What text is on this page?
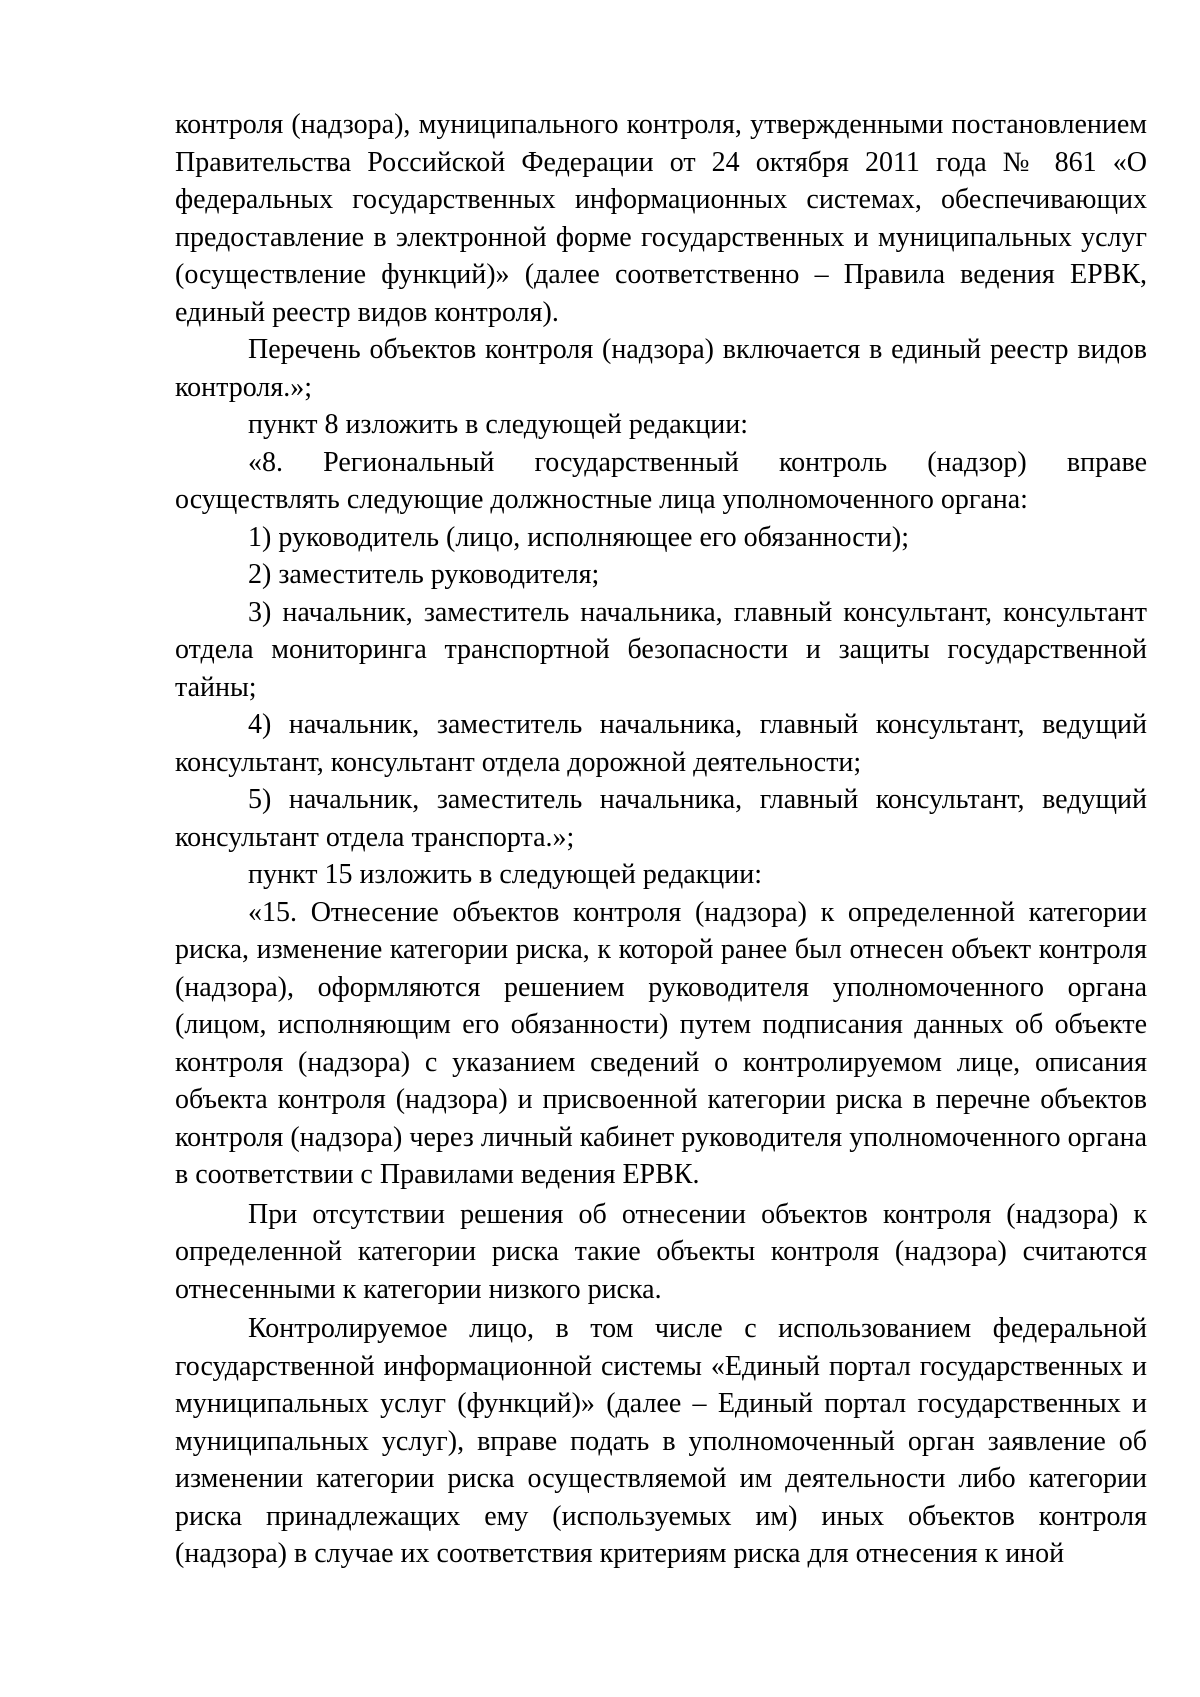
контроля (надзора), муниципального контроля, утвержденными постановлением Правительства Российской Федерации от 24 октября 2011 года № 861 «О федеральных государственных информационных системах, обеспечивающих предоставление в электронной форме государственных и муниципальных услуг (осуществление функций)» (далее соответственно – Правила ведения ЕРВК, единый реестр видов контроля).

Перечень объектов контроля (надзора) включается в единый реестр видов контроля.»;

пункт 8 изложить в следующей редакции:

«8. Региональный государственный контроль (надзор) вправе осуществлять следующие должностные лица уполномоченного органа:

1) руководитель (лицо, исполняющее его обязанности);

2) заместитель руководителя;

3) начальник, заместитель начальника, главный консультант, консультант отдела мониторинга транспортной безопасности и защиты государственной тайны;

4) начальник, заместитель начальника, главный консультант, ведущий консультант, консультант отдела дорожной деятельности;

5) начальник, заместитель начальника, главный консультант, ведущий консультант отдела транспорта.»;

пункт 15 изложить в следующей редакции:

«15. Отнесение объектов контроля (надзора) к определенной категории риска, изменение категории риска, к которой ранее был отнесен объект контроля (надзора), оформляются решением руководителя уполномоченного органа (лицом, исполняющим его обязанности) путем подписания данных об объекте контроля (надзора) с указанием сведений о контролируемом лице, описания объекта контроля (надзора) и присвоенной категории риска в перечне объектов контроля (надзора) через личный кабинет руководителя уполномоченного органа в соответствии с Правилами ведения ЕРВК.

При отсутствии решения об отнесении объектов контроля (надзора) к определенной категории риска такие объекты контроля (надзора) считаются отнесенными к категории низкого риска.

Контролируемое лицо, в том числе с использованием федеральной государственной информационной системы «Единый портал государственных и муниципальных услуг (функций)» (далее – Единый портал государственных и муниципальных услуг), вправе подать в уполномоченный орган заявление об изменении категории риска осуществляемой им деятельности либо категории риска принадлежащих ему (используемых им) иных объектов контроля (надзора) в случае их соответствия критериям риска для отнесения к иной
